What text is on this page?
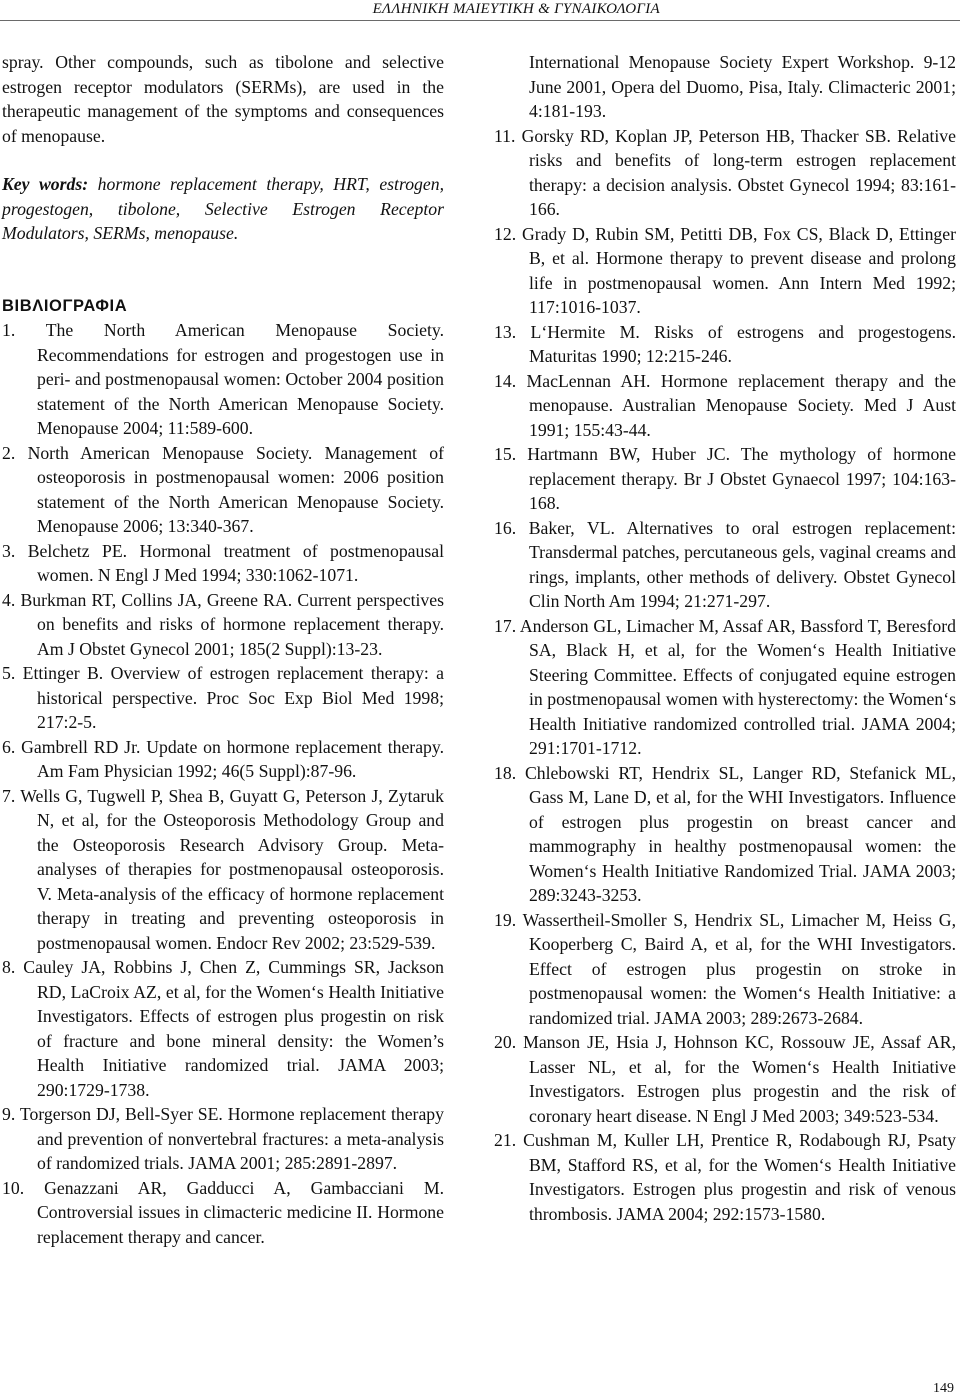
ΕΛΛΗΝΙΚΗ ΜΑΙΕΥΤΙΚΗ & ΓΥΝΑΙΚΟΛΟΓΙΑ

spray. Other compounds, such as tibolone and selective estrogen receptor modulators (SERMs), are used in the therapeutic management of the symptoms and consequences of menopause.

Key words: hormone replacement therapy, HRT, estrogen, progestogen, tibolone, Selective Estrogen Receptor Modulators, SERMs, menopause.

ΒΙΒΛΙΟΓΡΑΦΙΑ

1. The North American Menopause Society. Recommendations for estrogen and progestogen use in peri- and postmenopausal women: October 2004 position statement of the North American Menopause Society. Menopause 2004; 11:589-600.

2. North American Menopause Society. Management of osteoporosis in postmenopausal women: 2006 position statement of the North American Menopause Society. Menopause 2006; 13:340-367.

3. Belchetz PE. Hormonal treatment of postmenopausal women. N Engl J Med 1994; 330:1062-1071.

4. Burkman RT, Collins JA, Greene RA. Current perspectives on benefits and risks of hormone replacement therapy. Am J Obstet Gynecol 2001; 185(2 Suppl):13-23.

5. Ettinger B. Overview of estrogen replacement therapy: a historical perspective. Proc Soc Exp Biol Med 1998; 217:2-5.

6. Gambrell RD Jr. Update on hormone replacement therapy. Am Fam Physician 1992; 46(5 Suppl):87-96.

7. Wells G, Tugwell P, Shea B, Guyatt G, Peterson J, Zytaruk N, et al, for the Osteoporosis Methodology Group and the Osteoporosis Research Advisory Group. Meta-analyses of therapies for postmenopausal osteoporosis. V. Meta-analysis of the efficacy of hormone replacement therapy in treating and preventing osteoporosis in postmenopausal women. Endocr Rev 2002; 23:529-539.

8. Cauley JA, Robbins J, Chen Z, Cummings SR, Jackson RD, LaCroix AZ, et al, for the Women‘s Health Initiative Investigators. Effects of estrogen plus progestin on risk of fracture and bone mineral density: the Women’s Health Initiative randomized trial. JAMA 2003; 290:1729-1738.

9. Torgerson DJ, Bell-Syer SE. Hormone replacement therapy and prevention of nonvertebral fractures: a meta-analysis of randomized trials. JAMA 2001; 285:2891-2897.

10. Genazzani AR, Gadducci A, Gambacciani M. Controversial issues in climacteric medicine II. Hormone replacement therapy and cancer.

International Menopause Society Expert Workshop. 9-12 June 2001, Opera del Duomo, Pisa, Italy. Climacteric 2001; 4:181-193.

11. Gorsky RD, Koplan JP, Peterson HB, Thacker SB. Relative risks and benefits of long-term estrogen replacement therapy: a decision analysis. Obstet Gynecol 1994; 83:161-166.

12. Grady D, Rubin SM, Petitti DB, Fox CS, Black D, Ettinger B, et al. Hormone therapy to prevent disease and prolong life in postmenopausal women. Ann Intern Med 1992; 117:1016-1037.

13. L‘Hermite M. Risks of estrogens and progestogens. Maturitas 1990; 12:215-246.

14. MacLennan AH. Hormone replacement therapy and the menopause. Australian Menopause Society. Med J Aust 1991; 155:43-44.

15. Hartmann BW, Huber JC. The mythology of hormone replacement therapy. Br J Obstet Gynaecol 1997; 104:163-168.

16. Baker, VL. Alternatives to oral estrogen replacement: Transdermal patches, percutaneous gels, vaginal creams and rings, implants, other methods of delivery. Obstet Gynecol Clin North Am 1994; 21:271-297.

17. Anderson GL, Limacher M, Assaf AR, Bassford T, Beresford SA, Black H, et al, for the Women‘s Health Initiative Steering Committee. Effects of conjugated equine estrogen in postmenopausal women with hysterectomy: the Women‘s Health Initiative randomized controlled trial. JAMA 2004; 291:1701-1712.

18. Chlebowski RT, Hendrix SL, Langer RD, Stefanick ML, Gass M, Lane D, et al, for the WHI Investigators. Influence of estrogen plus progestin on breast cancer and mammography in healthy postmenopausal women: the Women‘s Health Initiative Randomized Trial. JAMA 2003; 289:3243-3253.

19. Wassertheil-Smoller S, Hendrix SL, Limacher M, Heiss G, Kooperberg C, Baird A, et al, for the WHI Investigators. Effect of estrogen plus progestin on stroke in postmenopausal women: the Women‘s Health Initiative: a randomized trial. JAMA 2003; 289:2673-2684.

20. Manson JE, Hsia J, Hohnson KC, Rossouw JE, Assaf AR, Lasser NL, et al, for the Women‘s Health Initiative Investigators. Estrogen plus progestin and the risk of coronary heart disease. N Engl J Med 2003; 349:523-534.

21. Cushman M, Kuller LH, Prentice R, Rodabough RJ, Psaty BM, Stafford RS, et al, for the Women‘s Health Initiative Investigators. Estrogen plus progestin and risk of venous thrombosis. JAMA 2004; 292:1573-1580.

149
